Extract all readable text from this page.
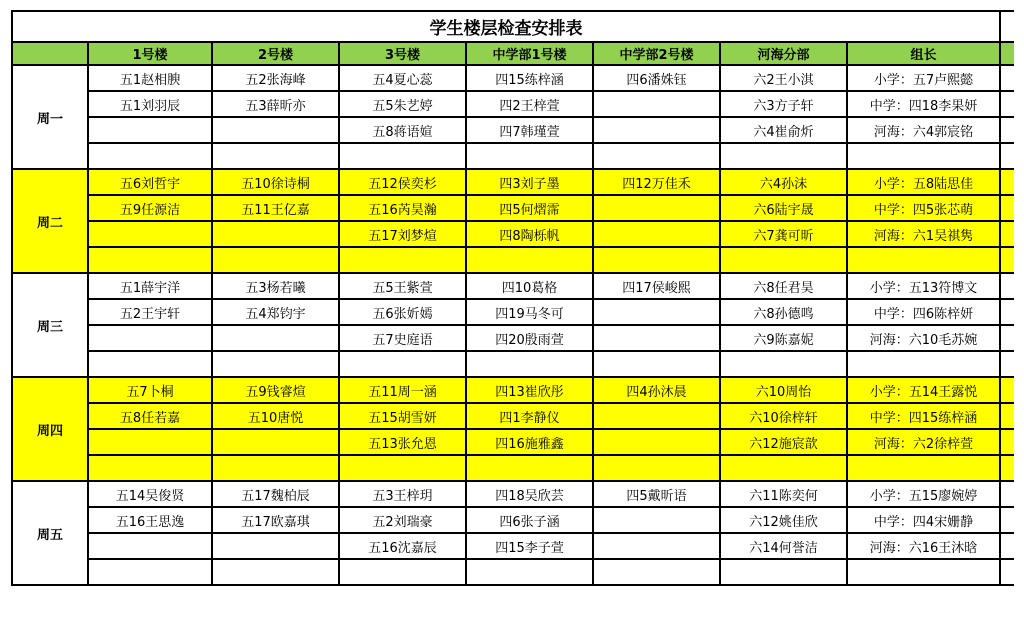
学生楼层检查安排表								
	1号楼	2号楼	3号楼	中学部1号楼	中学部2号楼	河海分部	组长	
周一	五1赵相腴	五2张海峰	五4夏心蕊	四15练梓涵	四6潘姝钰	六2王小淇	小学：五7卢熙懿	
	五1刘羽辰	五3薛昕亦	五5朱艺婷	四2王梓萱		六3方子轩	中学：四18李果妍	
			五8蒋语媗	四7韩瑾萱		六4崔俞炘	河海：六4郭宸铭	

周二	五6刘哲宇	五10徐诗桐	五12侯奕杉	四3刘子墨	四12万佳禾	六4孙沫	小学：五8陆思佳	
	五9任源洁	五11王亿嘉	五16芮昊瀚	四5何熠霈		六6陆宇晟	中学：四5张芯萌	
			五17刘梦煊	四8陶栎帆		六7龚可昕	河海：六1吴祺隽	

周三	五1薛宇洋	五3杨若曦	五5王紫萱	四10葛格	四17侯峻熙	六8任君昊	小学：五13符博文	
	五2王宇轩	五4郑钧宇	五6张妡嫣	四19马冬可		六8孙德鸣	中学：四6陈梓妍	
			五7史庭语	四20殷雨萱		六9陈嘉妮	河海：六10毛苏婉	

周四	五7卜桐	五9钱睿煊	五11周一涵	四13崔欣彤	四4孙沐晨	六10周怡	小学：五14王露悦	
	五8任若嘉	五10唐悦	五15胡雪妍	四1李静仪		六10徐梓轩	中学：四15练梓涵	
			五13张允恩	四16施雅鑫		六12施宸歆	河海：六2徐梓萱	

周五	五14吴俊贤	五17魏柏辰	五3王梓玥	四18吴欣芸	四5戴昕语	六11陈奕何	小学：五15廖婉婷	
	五16王思逸	五17欧嘉琪	五2刘瑞豪	四6张子涵		六12姚佳欣	中学：四4宋姗静	
			五16沈嘉辰	四15李子萱		六14何誉洁	河海：六16王沐晗	
